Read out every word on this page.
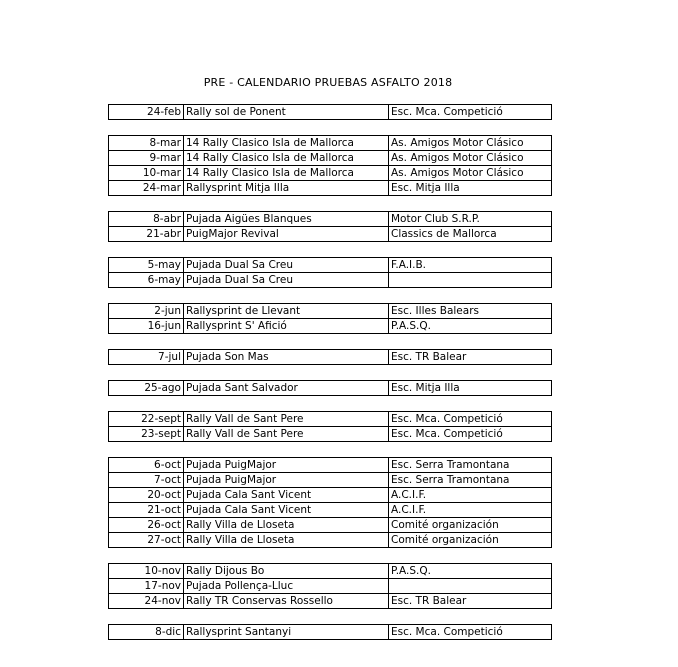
PRE - CALENDARIO PRUEBAS ASFALTO 2018
24-feb	Rally sol de Ponent	Esc. Mca. Competició
8-mar	14 Rally Clasico Isla de Mallorca	As. Amigos Motor Clásico
9-mar	14 Rally Clasico Isla de Mallorca	As. Amigos Motor Clásico
10-mar	14 Rally Clasico Isla de Mallorca	As. Amigos Motor Clásico
24-mar	Rallysprint Mitja Illa	Esc. Mitja Illa
8-abr	Pujada Aigües Blanques	Motor Club S.R.P.
21-abr	PuigMajor Revival	Classics de Mallorca
5-may	Pujada Dual Sa Creu	F.A.I.B.
6-may	Pujada Dual Sa Creu	
2-jun	Rallysprint de Llevant	Esc. Illes Balears
16-jun	Rallysprint S' Afició	P.A.S.Q.
7-jul	Pujada Son Mas	Esc. TR Balear
25-ago	Pujada Sant Salvador	Esc. Mitja Illa
22-sept	Rally Vall de Sant Pere	Esc. Mca. Competició
23-sept	Rally Vall de Sant Pere	Esc. Mca. Competició
6-oct	Pujada PuigMajor	Esc. Serra Tramontana
7-oct	Pujada PuigMajor	Esc. Serra Tramontana
20-oct	Pujada Cala Sant Vicent	A.C.I.F.
21-oct	Pujada Cala Sant Vicent	A.C.I.F.
26-oct	Rally Villa de Lloseta	Comité organización
27-oct	Rally Villa de Lloseta	Comité organización
10-nov	Rally Dijous Bo	P.A.S.Q.
17-nov	Pujada Pollença-Lluc	
24-nov	Rally TR Conservas Rossello	Esc. TR Balear
8-dic	Rallysprint Santanyi	Esc. Mca. Competició
